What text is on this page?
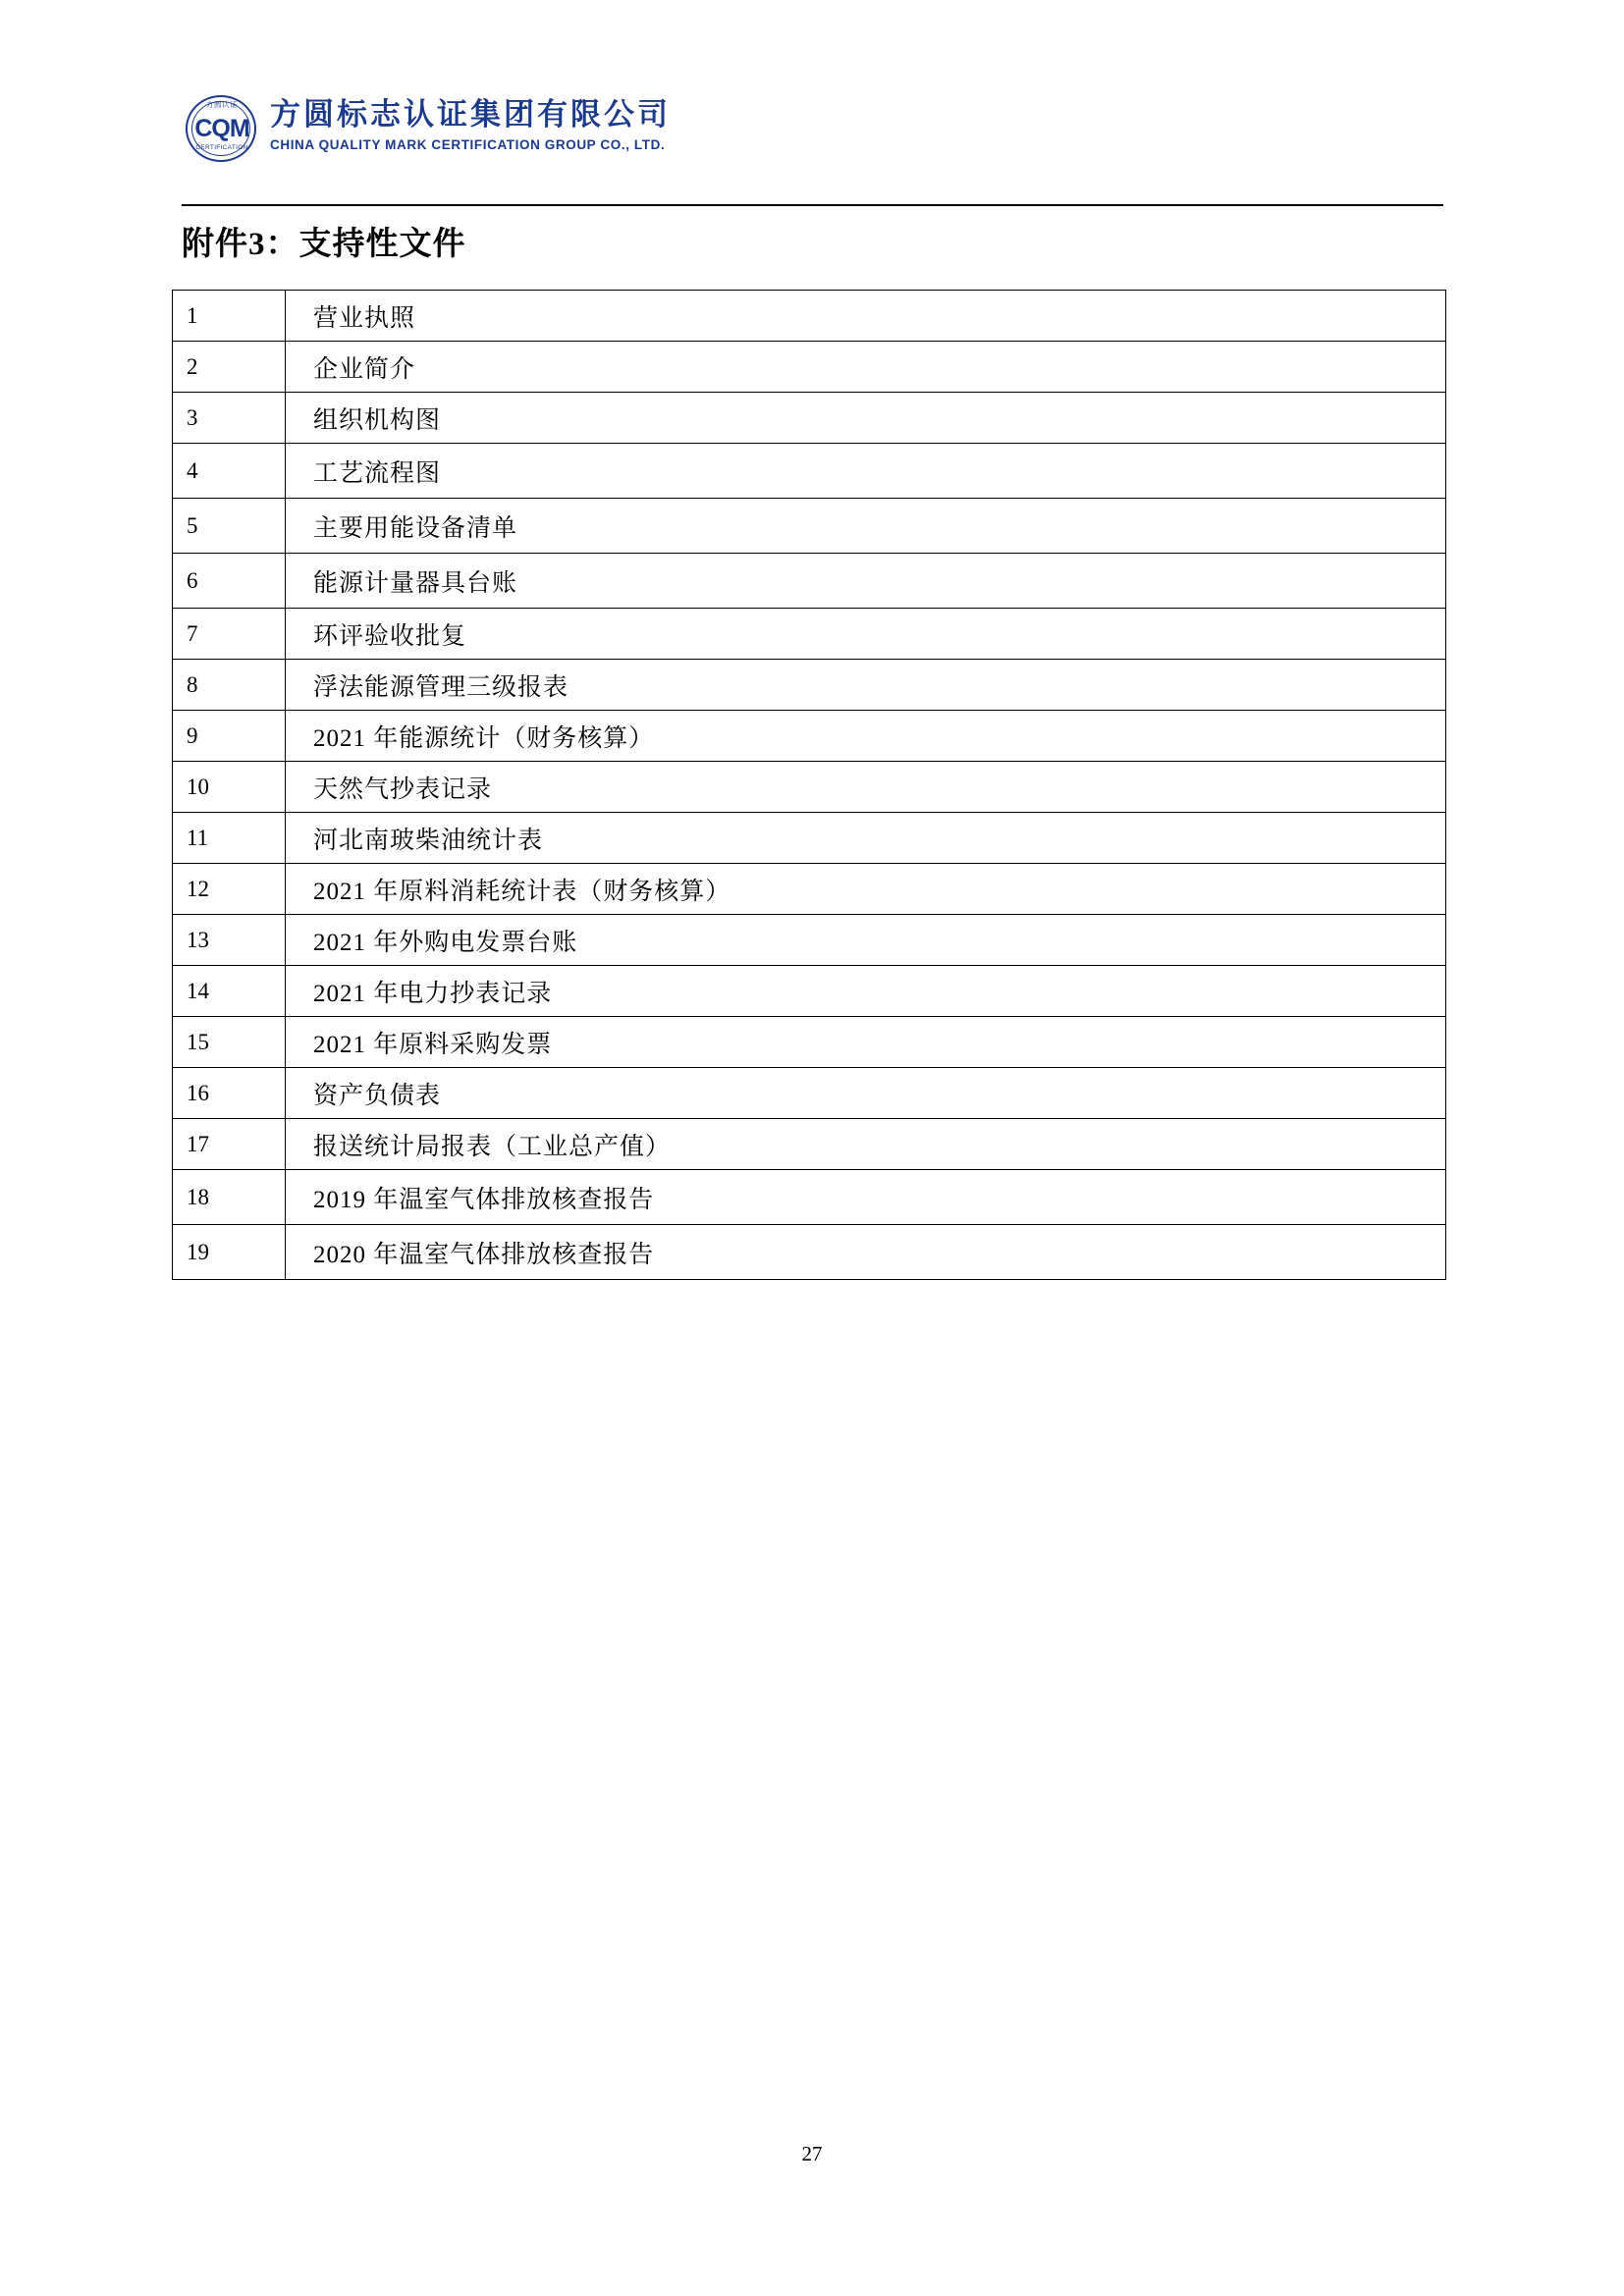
方圆认证
CQM
CERTIFICATION
方圆标志认证集团有限公司
CHINA QUALITY MARK CERTIFICATION GROUP CO., LTD.
附件3：支持性文件
1	营业执照
2	企业简介
3	组织机构图
4	工艺流程图
5	主要用能设备清单
6	能源计量器具台账
7	环评验收批复
8	浮法能源管理三级报表
9	2021 年能源统计（财务核算）
10	天然气抄表记录
11	河北南玻柴油统计表
12	2021 年原料消耗统计表（财务核算）
13	2021 年外购电发票台账
14	2021 年电力抄表记录
15	2021 年原料采购发票
16	资产负债表
17	报送统计局报表（工业总产值）
18	2019 年温室气体排放核查报告
19	2020 年温室气体排放核查报告
27
